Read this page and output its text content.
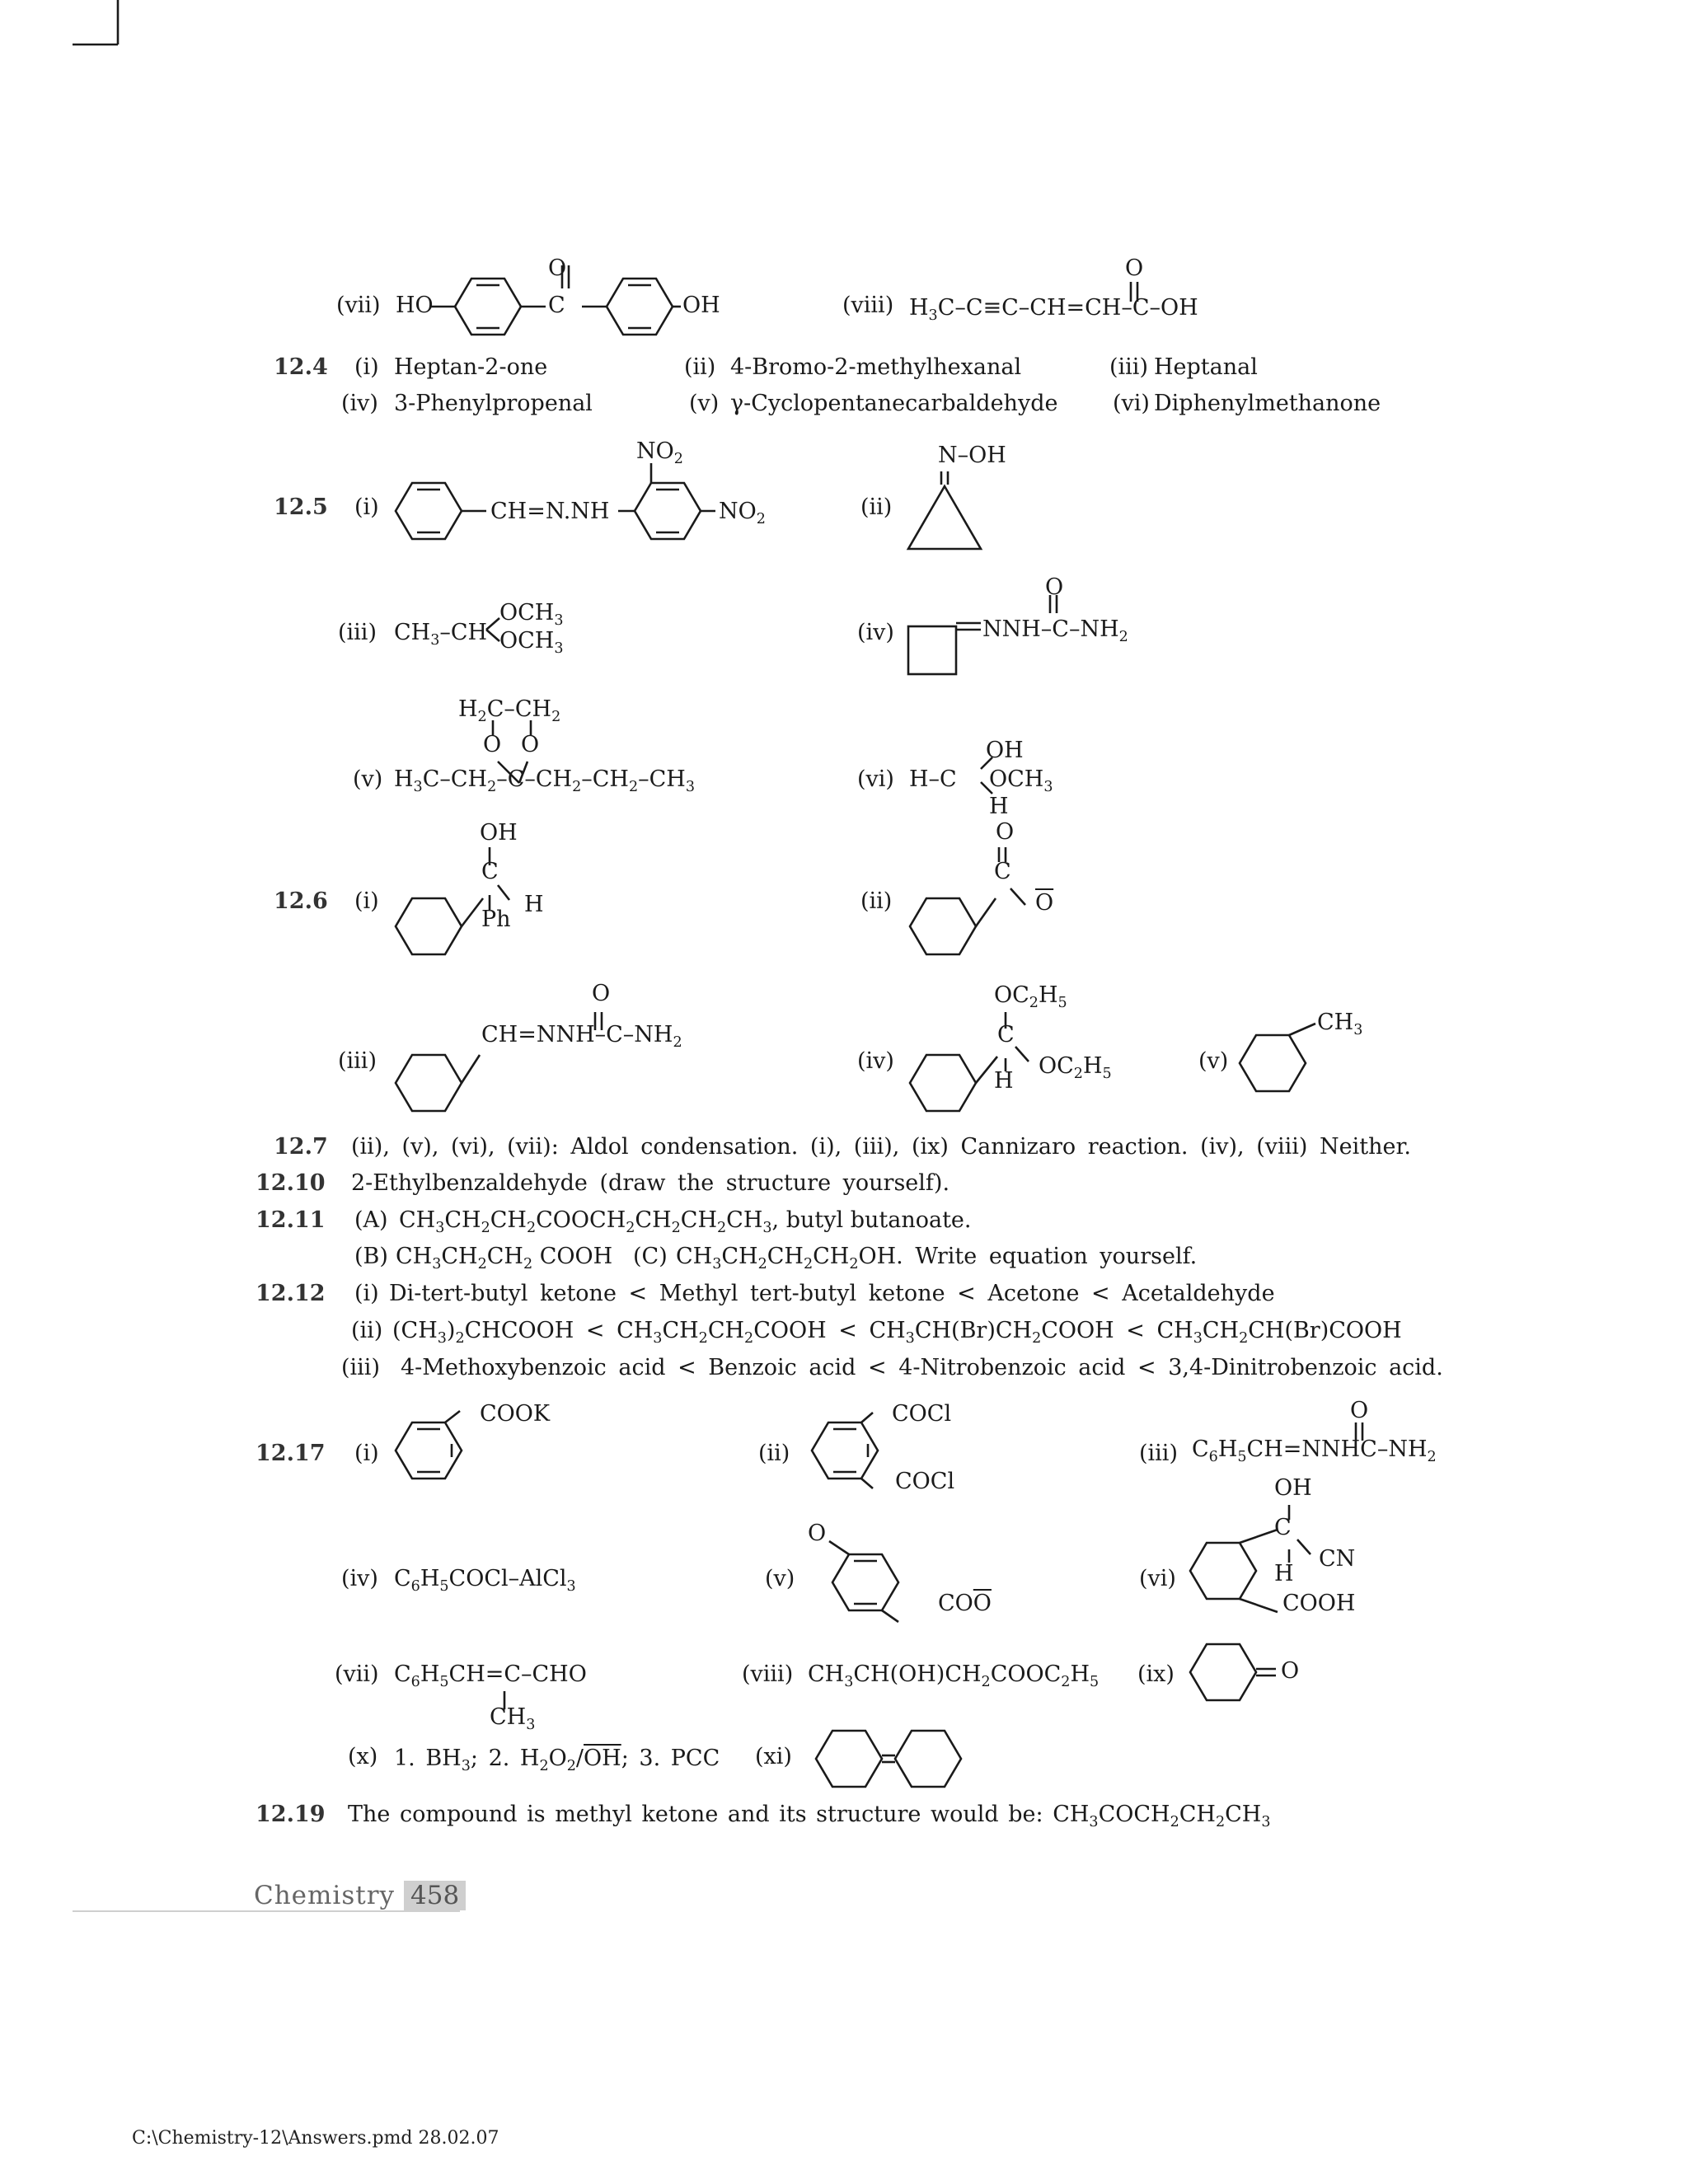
(vii) HO
O
C	OH	(viii) $H_3C-C\equiv C-CH=CH-C-OH$
O
12.4 (i) Heptan-2-one	(ii) 4-Bromo-2-methylhexanal	(iii) Heptanal
(iv) 3-Phenylpropenal	(v) γ-Cyclopentanecarbaldehyde (vi) Diphenylmethanone
12.5 (i)	CH=N.NH
$NO_2$
$NO_2$	(ii)
N–OH
(iii) $CH_3-CH$
$OCH_3$
$OCH_3$
(iv)
O
NNH–$C-NH_2$
(v)
$H_2C-CH_2$
O O
$H_3C-CH_2-C-CH_2-CH_2-CH_3$	(vi)
OH
H–C $OCH_3$
H
12.6 (i)
OH
C
H
Ph
(ii)
O
C
$\overline{O}$
(iii)
O
$CH=NNH-C-NH_2$
(iv)
$OC_2H_5$
C
$OC_2H_5$
H
(v)
$CH_3$
12.7 (ii), (v), (vi), (vii): Aldol condensation. (i), (iii), (ix) Cannizaro reaction. (iv), (viii) Neither.
12.10 2-Ethylbenzaldehyde (draw the structure yourself).
12.11 (A) $CH_3CH_2CH_2COOCH_2CH_2CH_2CH_3$, butyl butanoate.
(B) $CH_3CH_2CH_2$ COOH (C) $CH_3CH_2CH_2CH_2OH$. Write equation yourself.
12.12 (i) Di-tert-butyl ketone < Methyl tert-butyl ketone < Acetone < Acetaldehyde
(ii) $(CH_3)_2CHCOOH$ < $CH_3CH_2CH_2COOH$ < $CH_3CH(Br)CH_2COOH$ < $CH_3CH_2CH(Br)COOH$
(iii) 4-Methoxybenzoic acid < Benzoic acid < 4-Nitrobenzoic acid < 3,4-Dinitrobenzoic acid.
12.17 (i)
COOK
(ii)
COCl
COCl
(iii)
O
$C_6H_5CH=NNHC-NH_2$
(iv) $C_6H_5COCl-AlCl_3$	(v)
O
$CO\overline{O}$
(vi)
OH
C
CN
H
COOH
(vii) $C_6H_5CH=C$–CHO
$CH_3$
(viii) $CH_3CH(OH)CH_2COOC_2H_5$ (ix)	O
(x) 1. $BH_3$; 2. $H_2O_2/\overline{OH}$; 3. PCC (xi)
12.19 The compound is methyl ketone and its structure would be: $CH_3COCH_2CH_2CH_3$
Chemistry 458
C:\Chemistry-12\Answers.pmd 28.02.07
